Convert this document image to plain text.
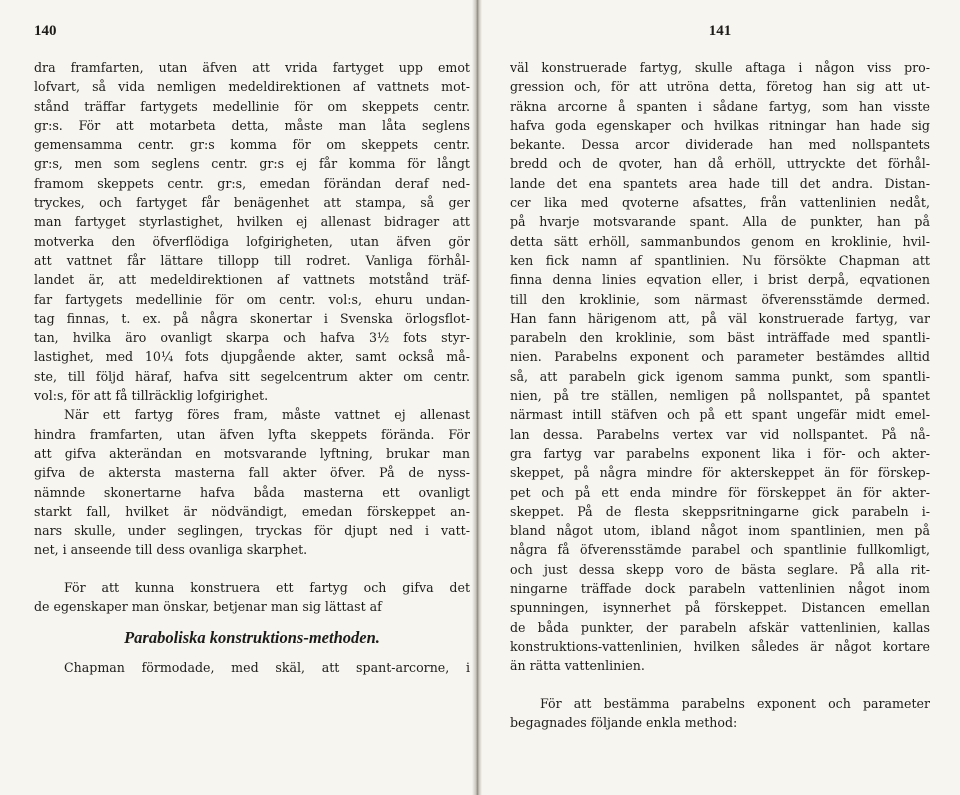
140
dra framfarten, utan äfven att vrida fartyget upp emot
lofvart, så vida nemligen medeldirektionen af vattnets mot-
stånd träffar fartygets medellinie för om skeppets centr.
gr:s. För att motarbeta detta, måste man låta seglens
gemensamma centr. gr:s komma för om skeppets centr.
gr:s, men som seglens centr. gr:s ej får komma för långt
framom skeppets centr. gr:s, emedan förändan deraf ned-
tryckes, och fartyget får benägenhet att stampa, så ger
man fartyget styrlastighet, hvilken ej allenast bidrager att
motverka den öfverflödiga lofgirigheten, utan äfven gör
att vattnet får lättare tillopp till rodret. Vanliga förhål-
landet är, att medeldirektionen af vattnets motstånd träf-
far fartygets medellinie för om centr. vol:s, ehuru undan-
tag finnas, t. ex. på några skonertar i Svenska örlogsflot-
tan, hvilka äro ovanligt skarpa och hafva 3½ fots styr-
lastighet, med 10¼ fots djupgående akter, samt också må-
ste, till följd häraf, hafva sitt segelcentrum akter om centr.
vol:s, för att få tillräcklig lofgirighet.
När ett fartyg föres fram, måste vattnet ej allenast
hindra framfarten, utan äfven lyfta skeppets förända. För
att gifva akterändan en motsvarande lyftning, brukar man
gifva de aktersta masterna fall akter öfver. På de nyss-
nämnde skonertarne hafva båda masterna ett ovanligt
starkt fall, hvilket är nödvändigt, emedan förskeppet an-
nars skulle, under seglingen, tryckas för djupt ned i vatt-
net, i anseende till dess ovanliga skarphet.
För att kunna konstruera ett fartyg och gifva det
de egenskaper man önskar, betjenar man sig lättast af
Paraboliska konstruktions-methoden.
Chapman förmodade, med skäl, att spant-arcorne, i
141
väl konstruerade fartyg, skulle aftaga i någon viss pro-
gression och, för att utröna detta, företog han sig att ut-
räkna arcorne å spanten i sådane fartyg, som han visste
hafva goda egenskaper och hvilkas ritningar han hade sig
bekante. Dessa arcor dividerade han med nollspantets
bredd och de qvoter, han då erhöll, uttryckte det förhål-
lande det ena spantets area hade till det andra. Distan-
cer lika med qvoterne afsattes, från vattenlinien nedåt,
på hvarje motsvarande spant. Alla de punkter, han på
detta sätt erhöll, sammanbundos genom en kroklinie, hvil-
ken fick namn af spantlinien. Nu försökte Chapman att
finna denna linies eqvation eller, i brist derpå, eqvationen
till den kroklinie, som närmast öfverensstämde dermed.
Han fann härigenom att, på väl konstruerade fartyg, var
parabeln den kroklinie, som bäst inträffade med spantli-
nien. Parabelns exponent och parameter bestämdes alltid
så, att parabeln gick igenom samma punkt, som spantli-
nien, på tre ställen, nemligen på nollspantet, på spantet
närmast intill stäfven och på ett spant ungefär midt emel-
lan dessa. Parabelns vertex var vid nollspantet. På nå-
gra fartyg var parabelns exponent lika i för- och akter-
skeppet, på några mindre för akterskeppet än för förskep-
pet och på ett enda mindre för förskeppet än för akter-
skeppet. På de flesta skeppsritningarne gick parabeln i-
bland något utom, ibland något inom spantlinien, men på
några få öfverensstämde parabel och spantlinie fullkomligt,
och just dessa skepp voro de bästa seglare. På alla rit-
ningarne träffade dock parabeln vattenlinien något inom
spunningen, isynnerhet på förskeppet. Distancen emellan
de båda punkter, der parabeln afskär vattenlinien, kallas
konstruktions-vattenlinien, hvilken således är något kortare
än rätta vattenlinien.
För att bestämma parabelns exponent och parameter
begagnades följande enkla method:
